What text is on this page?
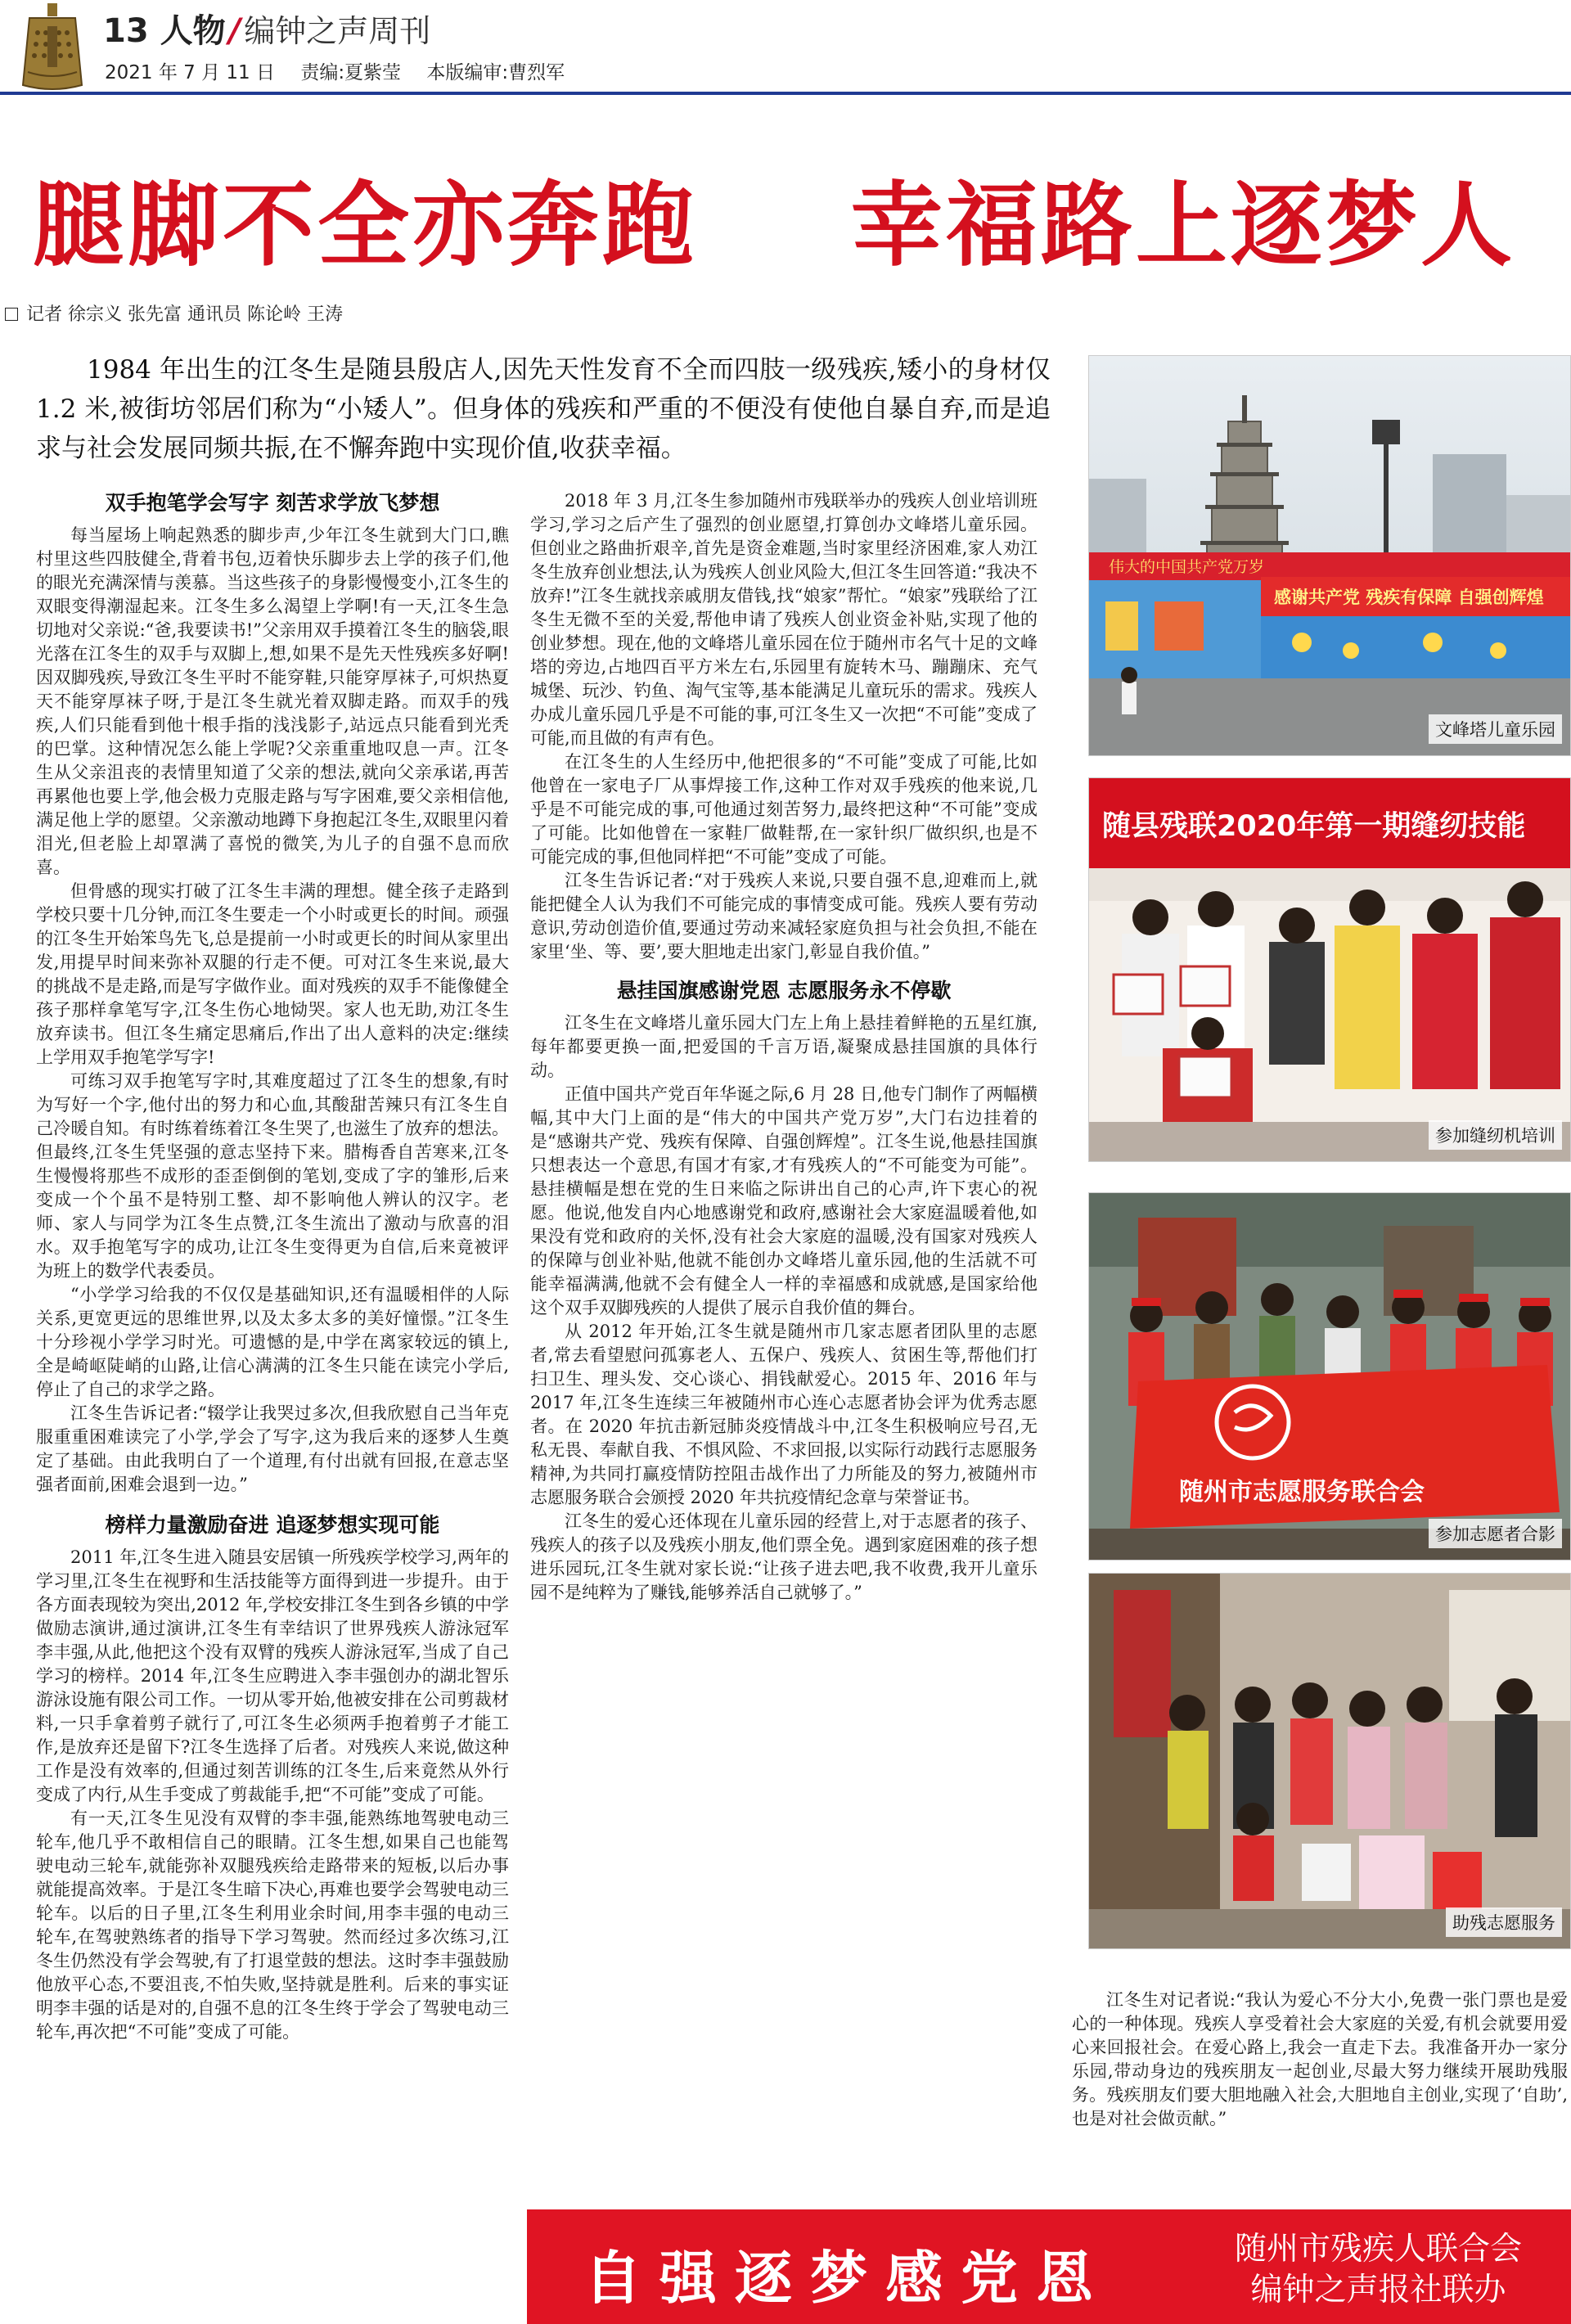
13 人物 / 编钟之声周刊
2021 年 7 月 11 日 责编:夏紫莹 本版编审:曹烈军
腿脚不全亦奔跑 幸福路上逐梦人
记者 徐宗义 张先富 通讯员 陈论岭 王涛
1984 年出生的江冬生是随县殷店人,因先天性发育不全而四肢一级残疾,矮小的身材仅 1.2 米,被街坊邻居们称为“小矮人”。但身体的残疾和严重的不便没有使他自暴自弃,而是追求与社会发展同频共振,在不懈奔跑中实现价值,收获幸福。
双手抱笔学会写字 刻苦求学放飞梦想

每当屋场上响起熟悉的脚步声,少年江冬生就到大门口,瞧村里这些四肢健全,背着书包,迈着快乐脚步去上学的孩子们,他的眼光充满深情与羡慕。当这些孩子的身影慢慢变小,江冬生的双眼变得潮湿起来。江冬生多么渴望上学啊!有一天,江冬生急切地对父亲说:“爸,我要读书!”父亲用双手摸着江冬生的脑袋,眼光落在江冬生的双手与双脚上,想,如果不是先天性残疾多好啊!因双脚残疾,导致江冬生平时不能穿鞋,只能穿厚袜子,可炽热夏天不能穿厚袜子呀,于是江冬生就光着双脚走路。而双手的残疾,人们只能看到他十根手指的浅浅影子,站远点只能看到光秃的巴掌。这种情况怎么能上学呢?父亲重重地叹息一声。江冬生从父亲沮丧的表情里知道了父亲的想法,就向父亲承诺,再苦再累他也要上学,他会极力克服走路与写字困难,要父亲相信他,满足他上学的愿望。父亲激动地蹲下身抱起江冬生,双眼里闪着泪光,但老脸上却罩满了喜悦的微笑,为儿子的自强不息而欣喜。

但骨感的现实打破了江冬生丰满的理想。健全孩子走路到学校只要十几分钟,而江冬生要走一个小时或更长的时间。顽强的江冬生开始笨鸟先飞,总是提前一小时或更长的时间从家里出发,用提早时间来弥补双腿的行走不便。可对江冬生来说,最大的挑战不是走路,而是写字做作业。面对残疾的双手不能像健全孩子那样拿笔写字,江冬生伤心地恸哭。家人也无助,劝江冬生放弃读书。但江冬生痛定思痛后,作出了出人意料的决定:继续上学用双手抱笔学写字!

可练习双手抱笔写字时,其难度超过了江冬生的想象,有时为写好一个字,他付出的努力和心血,其酸甜苦辣只有江冬生自己冷暖自知。有时练着练着江冬生哭了,也滋生了放弃的想法。但最终,江冬生凭坚强的意志坚持下来。腊梅香自苦寒来,江冬生慢慢将那些不成形的歪歪倒倒的笔划,变成了字的雏形,后来变成一个个虽不是特别工整、却不影响他人辨认的汉字。老师、家人与同学为江冬生点赞,江冬生流出了激动与欣喜的泪水。双手抱笔写字的成功,让江冬生变得更为自信,后来竟被评为班上的数学代表委员。

“小学学习给我的不仅仅是基础知识,还有温暖相伴的人际关系,更宽更远的思维世界,以及太多太多的美好憧憬。”江冬生十分珍视小学学习时光。可遗憾的是,中学在离家较远的镇上,全是崎岖陡峭的山路,让信心满满的江冬生只能在读完小学后,停止了自己的求学之路。

江冬生告诉记者:“辍学让我哭过多次,但我欣慰自己当年克服重重困难读完了小学,学会了写字,这为我后来的逐梦人生奠定了基础。由此我明白了一个道理,有付出就有回报,在意志坚强者面前,困难会退到一边。”

榜样力量激励奋进 追逐梦想实现可能

2011 年,江冬生进入随县安居镇一所残疾学校学习,两年的学习里,江冬生在视野和生活技能等方面得到进一步提升。由于各方面表现较为突出,2012 年,学校安排江冬生到各乡镇的中学做励志演讲,通过演讲,江冬生有幸结识了世界残疾人游泳冠军李丰强,从此,他把这个没有双臂的残疾人游泳冠军,当成了自己学习的榜样。2014 年,江冬生应聘进入李丰强创办的湖北智乐游泳设施有限公司工作。一切从零开始,他被安排在公司剪裁材料,一只手拿着剪子就行了,可江冬生必须两手抱着剪子才能工作,是放弃还是留下?江冬生选择了后者。对残疾人来说,做这种工作是没有效率的,但通过刻苦训练的江冬生,后来竟然从外行变成了内行,从生手变成了剪裁能手,把“不可能”变成了可能。

有一天,江冬生见没有双臂的李丰强,能熟练地驾驶电动三轮车,他几乎不敢相信自己的眼睛。江冬生想,如果自己也能驾驶电动三轮车,就能弥补双腿残疾给走路带来的短板,以后办事就能提高效率。于是江冬生暗下决心,再难也要学会驾驶电动三轮车。以后的日子里,江冬生利用业余时间,用李丰强的电动三轮车,在驾驶熟练者的指导下学习驾驶。然而经过多次练习,江冬生仍然没有学会驾驶,有了打退堂鼓的想法。这时李丰强鼓励他放平心态,不要沮丧,不怕失败,坚持就是胜利。后来的事实证明李丰强的话是对的,自强不息的江冬生终于学会了驾驶电动三轮车,再次把“不可能”变成了可能。

2018 年 3 月,江冬生参加随州市残联举办的残疾人创业培训班学习,学习之后产生了强烈的创业愿望,打算创办文峰塔儿童乐园。但创业之路曲折艰辛,首先是资金难题,当时家里经济困难,家人劝江冬生放弃创业想法,认为残疾人创业风险大,但江冬生回答道:“我决不放弃!”江冬生就找亲戚朋友借钱,找“娘家”帮忙。“娘家”残联给了江冬生无微不至的关爱,帮他申请了残疾人创业资金补贴,实现了他的创业梦想。现在,他的文峰塔儿童乐园在位于随州市名气十足的文峰塔的旁边,占地四百平方米左右,乐园里有旋转木马、蹦蹦床、充气城堡、玩沙、钓鱼、淘气宝等,基本能满足儿童玩乐的需求。残疾人办成儿童乐园几乎是不可能的事,可江冬生又一次把“不可能”变成了可能,而且做的有声有色。

在江冬生的人生经历中,他把很多的“不可能”变成了可能,比如他曾在一家电子厂从事焊接工作,这种工作对双手残疾的他来说,几乎是不可能完成的事,可他通过刻苦努力,最终把这种“不可能”变成了可能。比如他曾在一家鞋厂做鞋帮,在一家针织厂做织织,也是不可能完成的事,但他同样把“不可能”变成了可能。

江冬生告诉记者:“对于残疾人来说,只要自强不息,迎难而上,就能把健全人认为我们不可能完成的事情变成可能。残疾人要有劳动意识,劳动创造价值,要通过劳动来减轻家庭负担与社会负担,不能在家里‘坐、等、要’,要大胆地走出家门,彰显自我价值。”

悬挂国旗感谢党恩 志愿服务永不停歇

江冬生在文峰塔儿童乐园大门左上角上悬挂着鲜艳的五星红旗,每年都要更换一面,把爱国的千言万语,凝聚成悬挂国旗的具体行动。

正值中国共产党百年华诞之际,6 月 28 日,他专门制作了两幅横幅,其中大门上面的是“伟大的中国共产党万岁”,大门右边挂着的是“感谢共产党、残疾有保障、自强创辉煌”。江冬生说,他悬挂国旗只想表达一个意思,有国才有家,才有残疾人的“不可能变为可能”。悬挂横幅是想在党的生日来临之际讲出自己的心声,许下衷心的祝愿。他说,他发自内心地感谢党和政府,感谢社会大家庭温暖着他,如果没有党和政府的关怀,没有社会大家庭的温暖,没有国家对残疾人的保障与创业补贴,他就不能创办文峰塔儿童乐园,他的生活就不可能幸福满满,他就不会有健全人一样的幸福感和成就感,是国家给他这个双手双脚残疾的人提供了展示自我价值的舞台。

从 2012 年开始,江冬生就是随州市几家志愿者团队里的志愿者,常去看望慰问孤寡老人、五保户、残疾人、贫困生等,帮他们打扫卫生、理头发、交心谈心、捐钱献爱心。2015 年、2016 年与 2017 年,江冬生连续三年被随州市心连心志愿者协会评为优秀志愿者。在 2020 年抗击新冠肺炎疫情战斗中,江冬生积极响应号召,无私无畏、奉献自我、不惧风险、不求回报,以实际行动践行志愿服务精神,为共同打赢疫情防控阻击战作出了力所能及的努力,被随州市志愿服务联合会颁授 2020 年共抗疫情纪念章与荣誉证书。

江冬生的爱心还体现在儿童乐园的经营上,对于志愿者的孩子、残疾人的孩子以及残疾小朋友,他们票全免。遇到家庭困难的孩子想进乐园玩,江冬生就对家长说:“让孩子进去吧,我不收费,我开儿童乐园不是纯粹为了赚钱,能够养活自己就够了。”

江冬生对记者说:“我认为爱心不分大小,免费一张门票也是爱心的一种体现。残疾人享受着社会大家庭的关爱,有机会就要用爱心来回报社会。在爱心路上,我会一直走下去。我准备开办一家分乐园,带动身边的残疾朋友一起创业,尽最大努力继续开展助残服务。残疾朋友们要大胆地融入社会,大胆地自主创业,实现了‘自助’,也是对社会做贡献。”

伟大的中国共产党万岁
感谢共产党 残疾有保障 自强创辉煌
文峰塔儿童乐园
随县残联2020年第一期缝纫技能
参加缝纫机培训
随州市志愿服务联合会
参加志愿者合影
助残志愿服务
自强逐梦感党恩	随州市残疾人联合会
编钟之声报社联办
